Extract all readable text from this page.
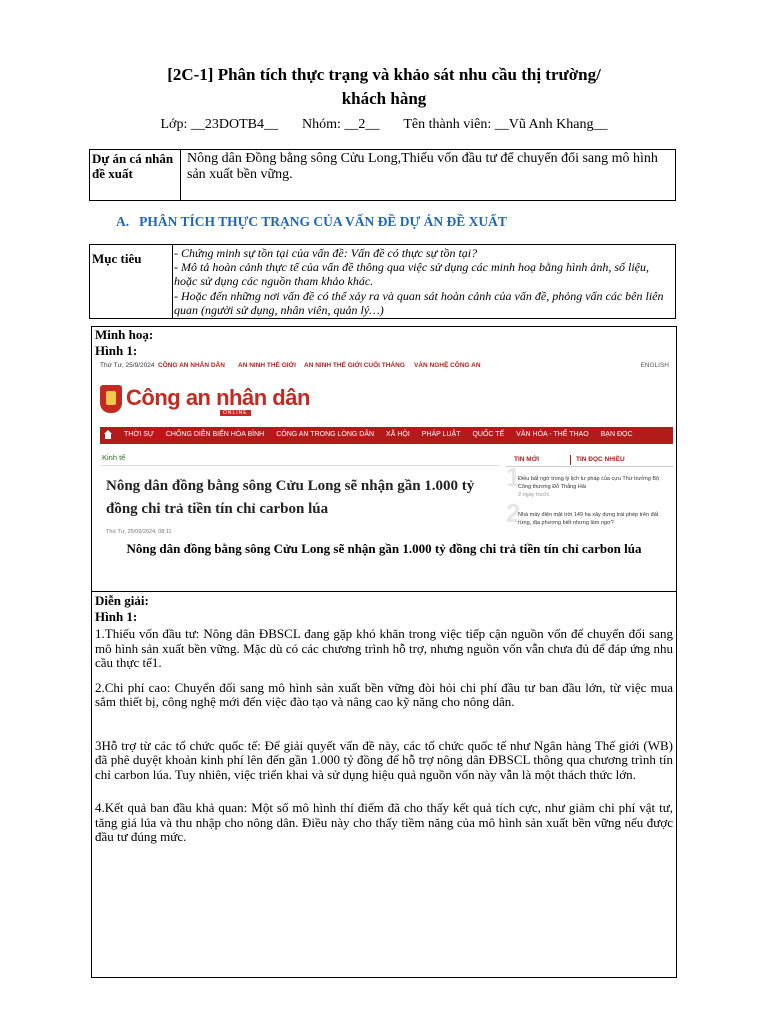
[2C-1] Phân tích thực trạng và khảo sát nhu cầu thị trường/
khách hàng
Lớp: __23DOTB4__ Nhóm: __2__ Tên thành viên: __Vũ Anh Khang__
Dự án cá nhân đề xuất	Nông dân Đồng bằng sông Cửu Long,Thiếu vốn đầu tư để chuyển đổi sang mô hình sản xuất bền vững.
A. PHÂN TÍCH THỰC TRẠNG CỦA VẤN ĐỀ DỰ ÁN ĐỀ XUẤT
Mục tiêu	- Chứng minh sự tồn tại của vấn đề: Vấn đề có thực sự tồn tại?
- Mô tả hoàn cảnh thực tế của vấn đề thông qua việc sử dụng các minh hoạ bằng hình ảnh, số liệu, hoặc sử dụng các nguồn tham khảo khác.
- Hoặc đến những nơi vấn đề có thể xảy ra và quan sát hoàn cảnh của vấn đề, phỏng vấn các bên liên quan (người sử dụng, nhân viên, quản lý…)
Minh hoạ:
Hình 1:
Thứ Tư, 25/9/2024 CÔNG AN NHÂN DÂN AN NINH THẾ GIỚI AN NINH THẾ GIỚI CUỐI THÁNG VĂN NGHỆ CÔNG AN	ENGLISH
Công an nhân dân
ONLINE
THỜI SỰ CHỐNG DIỄN BIẾN HÒA BÌNH CÔNG AN TRONG LÒNG DÂN XÃ HỘI PHÁP LUẬT QUỐC TẾ VĂN HÓA - THỂ THAO BẠN ĐỌC
Kinh tế
Nông dân đồng bằng sông Cửu Long sẽ nhận gần 1.000 tỷ đồng chi trả tiền tín chỉ carbon lúa
Thứ Tư, 25/09/2024, 08:11
TIN MỚI	TIN ĐỌC NHIỀU
1
Điều bất ngờ trong lý lịch tư pháp của cựu Thứ trưởng Bộ Công thương Đỗ Thắng Hải
2 ngày trước
2
Nhà máy điện mặt trời 149 ha xây dựng trái phép trên đất rừng, địa phương biết nhưng làm ngơ?
Nông dân đồng bằng sông Cửu Long sẽ nhận gần 1.000 tỷ đồng chi trả tiền tín chỉ carbon lúa
Diễn giải:
Hình 1:
1.Thiếu vốn đầu tư: Nông dân ĐBSCL đang gặp khó khăn trong việc tiếp cận nguồn vốn để chuyển đổi sang mô hình sản xuất bền vững. Mặc dù có các chương trình hỗ trợ, nhưng nguồn vốn vẫn chưa đủ để đáp ứng nhu cầu thực tế1.
2.Chi phí cao: Chuyển đổi sang mô hình sản xuất bền vững đòi hỏi chi phí đầu tư ban đầu lớn, từ việc mua sắm thiết bị, công nghệ mới đến việc đào tạo và nâng cao kỹ năng cho nông dân.
3Hỗ trợ từ các tổ chức quốc tế: Để giải quyết vấn đề này, các tổ chức quốc tế như Ngân hàng Thế giới (WB) đã phê duyệt khoản kinh phí lên đến gần 1.000 tỷ đồng để hỗ trợ nông dân ĐBSCL thông qua chương trình tín chỉ carbon lúa. Tuy nhiên, việc triển khai và sử dụng hiệu quả nguồn vốn này vẫn là một thách thức lớn.
4.Kết quả ban đầu khả quan: Một số mô hình thí điểm đã cho thấy kết quả tích cực, như giảm chi phí vật tư, tăng giá lúa và thu nhập cho nông dân. Điều này cho thấy tiềm năng của mô hình sản xuất bền vững nếu được đầu tư đúng mức.
